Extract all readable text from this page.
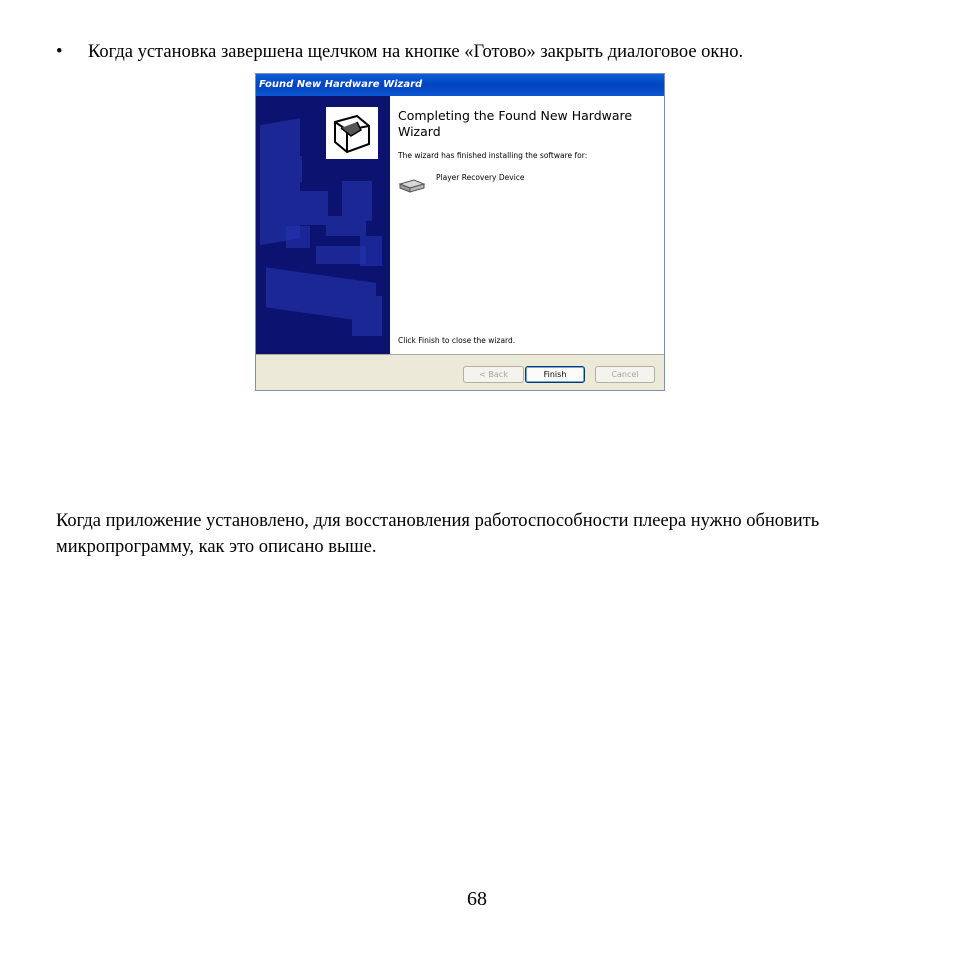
• Когда установка завершена щелчком на кнопке «Готово» закрыть диалоговое окно.
Found New Hardware Wizard
Completing the Found New Hardware Wizard
The wizard has finished installing the software for:
Player Recovery Device
Click Finish to close the wizard.
< Back	Finish	Cancel
Когда приложение установлено, для восстановления работоспособности плеера нужно обновить микропрограмму, как это описано выше.
68
